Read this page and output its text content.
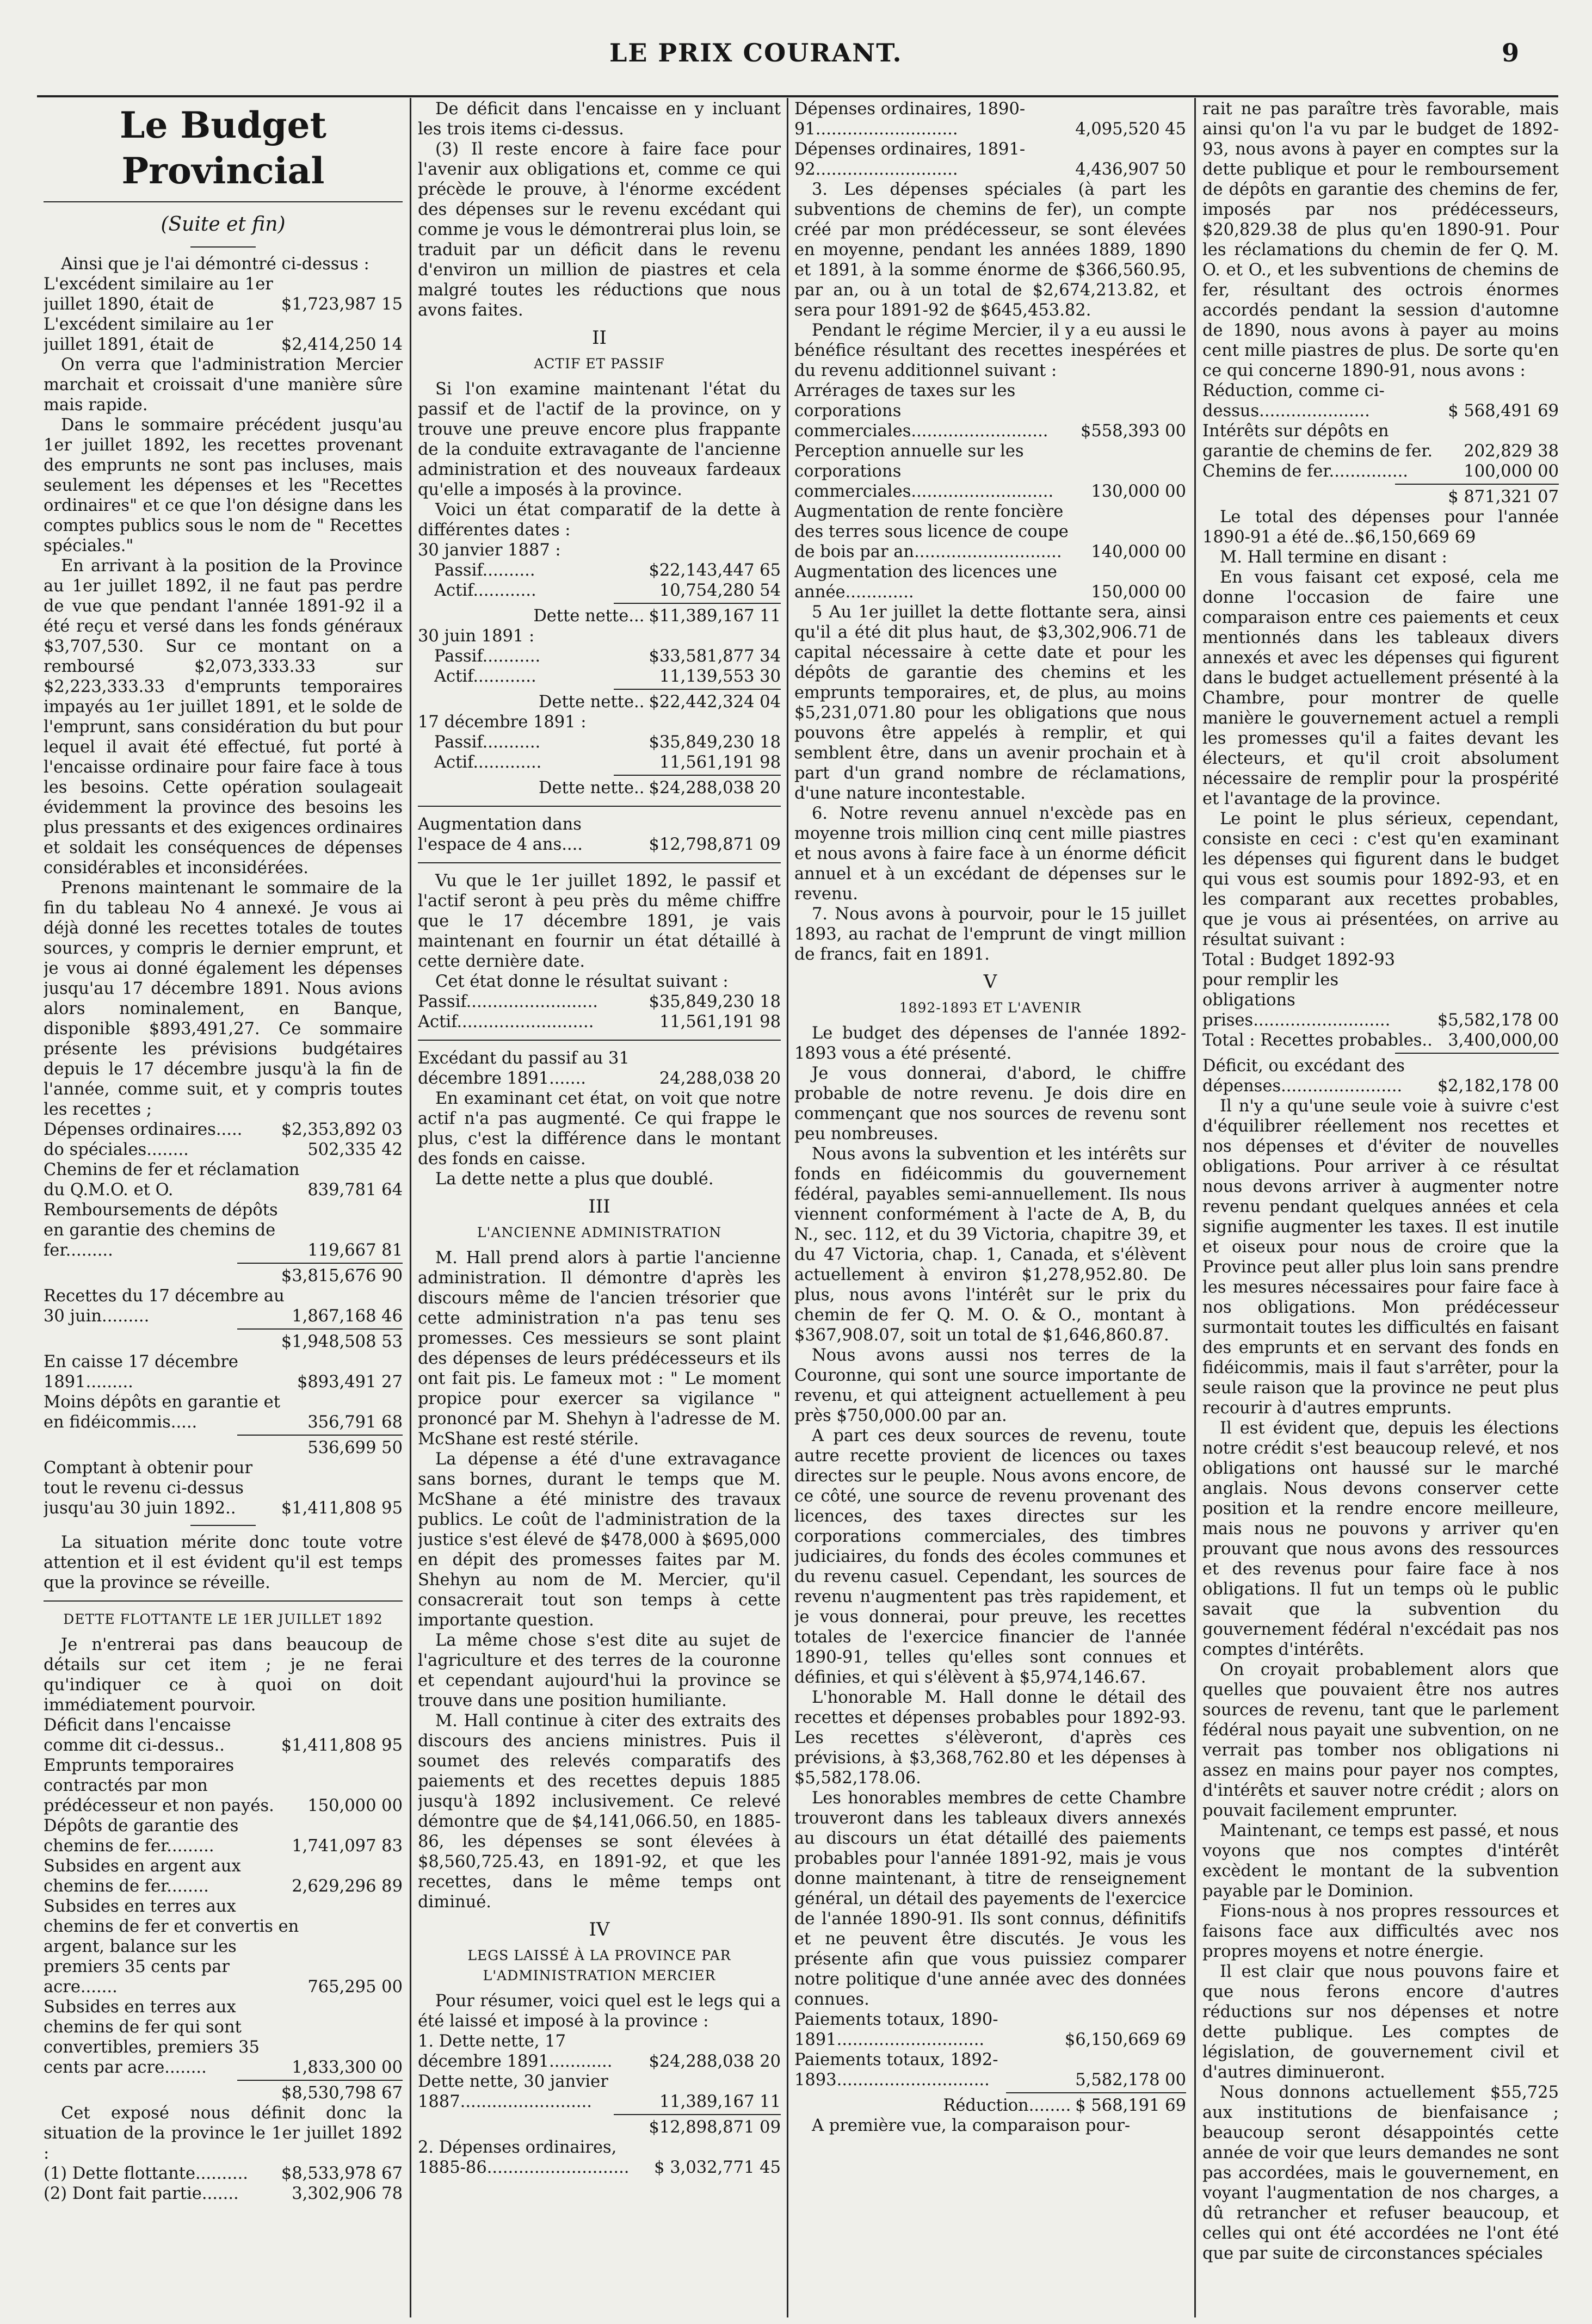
LE PRIX COURANT.	9
Le Budget Provincial
(Suite et fin)

Ainsi que je l'ai démontré ci-dessus :

L'excédent similaire au 1er juillet 1890, était de	$1,723,987 15
L'excédent similaire au 1er juillet 1891, était de	$2,414,250 14

On verra que l'administration Mercier marchait et croissait d'une manière sûre mais rapide.

Dans le sommaire précédent jusqu'au 1er juillet 1892, les recettes provenant des emprunts ne sont pas incluses, mais seulement les dépenses et les "Recettes ordinaires" et ce que l'on désigne dans les comptes publics sous le nom de " Recettes spéciales."

En arrivant à la position de la Province au 1er juillet 1892, il ne faut pas perdre de vue que pendant l'année 1891-92 il a été reçu et versé dans les fonds généraux $3,707,530. Sur ce montant on a remboursé $2,073,333.33 sur $2,223,333.33 d'emprunts temporaires impayés au 1er juillet 1891, et le solde de l'emprunt, sans considération du but pour lequel il avait été effectué, fut porté à l'encaisse ordinaire pour faire face à tous les besoins. Cette opération soulageait évidemment la province des besoins les plus pressants et des exigences ordinaires et soldait les conséquences de dépenses considérables et inconsidérées.

Prenons maintenant le sommaire de la fin du tableau No 4 annexé. Je vous ai déjà donné les recettes totales de toutes sources, y compris le dernier emprunt, et je vous ai donné également les dépenses jusqu'au 17 décembre 1891. Nous avions alors nominalement, en Banque, disponible $893,491,27. Ce sommaire présente les prévisions budgétaires depuis le 17 décembre jusqu'à la fin de l'année, comme suit, et y compris toutes les recettes ;

Dépenses ordinaires.....	$2,353,892 03
do spéciales........	502,335 42
Chemins de fer et réclamation du Q.M.O. et O.	839,781 64
Remboursements de dépôts en garantie des chemins de fer.........	119,667 81
$3,815,676 90
Recettes du 17 décembre au 30 juin.........	1,867,168 46
$1,948,508 53
En caisse 17 décembre 1891.........	$893,491 27
Moins dépôts en garantie et en fidéicommis.....	356,791 68
536,699 50
Comptant à obtenir pour tout le revenu ci-dessus jusqu'au 30 juin 1892..	$1,411,808 95

La situation mérite donc toute votre attention et il est évident qu'il est temps que la province se réveille.

DETTE FLOTTANTE LE 1ER JUILLET 1892

Je n'entrerai pas dans beaucoup de détails sur cet item ; je ne ferai qu'indiquer ce à quoi on doit immédiatement pourvoir.

Déficit dans l'encaisse comme dit ci-dessus..	$1,411,808 95
Emprunts temporaires contractés par mon prédécesseur et non payés.	150,000 00
Dépôts de garantie des chemins de fer.........	1,741,097 83
Subsides en argent aux chemins de fer........	2,629,296 89
Subsides en terres aux chemins de fer et convertis en argent, balance sur les premiers 35 cents par acre.......	765,295 00
Subsides en terres aux chemins de fer qui sont convertibles, premiers 35 cents par acre........	1,833,300 00
$8,530,798 67

Cet exposé nous définit donc la situation de la province le 1er juillet 1892 :

(1) Dette flottante..........	$8,533,978 67
(2) Dont fait partie.......	3,302,906 78

De déficit dans l'encaisse en y incluant les trois items ci-dessus.

(3) Il reste encore à faire face pour l'avenir aux obligations et, comme ce qui précède le prouve, à l'énorme excédent des dépenses sur le revenu excédant qui comme je vous le démontrerai plus loin, se traduit par un déficit dans le revenu d'environ un million de piastres et cela malgré toutes les réductions que nous avons faites.

II
ACTIF ET PASSIF

Si l'on examine maintenant l'état du passif et de l'actif de la province, on y trouve une preuve encore plus frappante de la conduite extravagante de l'ancienne administration et des nouveaux fardeaux qu'elle a imposés à la province.

Voici un état comparatif de la dette à différentes dates :

30 janvier 1887 :

Passif..........	$22,143,447 65
Actif............	10,754,280 54
Dette nette... $11,389,167 11

30 juin 1891 :

Passif...........	$33,581,877 34
Actif............	11,139,553 30
Dette nette.. $22,442,324 04

17 décembre 1891 :

Passif...........	$35,849,230 18
Actif.............	11,561,191 98
Dette nette.. $24,288,038 20
Augmentation dans l'espace de 4 ans....	$12,798,871 09

Vu que le 1er juillet 1892, le passif et l'actif seront à peu près du même chiffre que le 17 décembre 1891, je vais maintenant en fournir un état détaillé à cette dernière date.

Cet état donne le résultat suivant :

Passif.........................	$35,849,230 18
Actif..........................	11,561,191 98
Excédant du passif au 31 décembre 1891.......	24,288,038 20

En examinant cet état, on voit que notre actif n'a pas augmenté. Ce qui frappe le plus, c'est la différence dans le montant des fonds en caisse.

La dette nette a plus que doublé.

III
L'ANCIENNE ADMINISTRATION

M. Hall prend alors à partie l'ancienne administration. Il démontre d'après les discours même de l'ancien trésorier que cette administration n'a pas tenu ses promesses. Ces messieurs se sont plaint des dépenses de leurs prédécesseurs et ils ont fait pis. Le fameux mot : " Le moment propice pour exercer sa vigilance " prononcé par M. Shehyn à l'adresse de M. McShane est resté stérile.

La dépense a été d'une extravagance sans bornes, durant le temps que M. McShane a été ministre des travaux publics. Le coût de l'administration de la justice s'est élevé de $478,000 à $695,000 en dépit des promesses faites par M. Shehyn au nom de M. Mercier, qu'il consacrerait tout son temps à cette importante question.

La même chose s'est dite au sujet de l'agriculture et des terres de la couronne et cependant aujourd'hui la province se trouve dans une position humiliante.

M. Hall continue à citer des extraits des discours des anciens ministres. Puis il soumet des relevés comparatifs des paiements et des recettes depuis 1885 jusqu'à 1892 inclusivement. Ce relevé démontre que de $4,141,066.50, en 1885-86, les dépenses se sont élevées à $8,560,725.43, en 1891-92, et que les recettes, dans le même temps ont diminué.

IV
LEGS LAISSÉ À LA PROVINCE PAR L'ADMINISTRATION MERCIER

Pour résumer, voici quel est le legs qui a été laissé et imposé à la province :

1. Dette nette, 17 décembre 1891............	$24,288,038 20
Dette nette, 30 janvier 1887.........................	11,389,167 11
$12,898,871 09
2. Dépenses ordinaires, 1885-86...........................	$ 3,032,771 45
Dépenses ordinaires, 1890-91...........................	4,095,520 45
Dépenses ordinaires, 1891-92...........................	4,436,907 50

3. Les dépenses spéciales (à part les subventions de chemins de fer), un compte créé par mon prédécesseur, se sont élevées en moyenne, pendant les années 1889, 1890 et 1891, à la somme énorme de $366,560.95, par an, ou à un total de $2,674,213.82, et sera pour 1891-92 de $645,453.82.

Pendant le régime Mercier, il y a eu aussi le bénéfice résultant des recettes inespérées et du revenu additionnel suivant :

Arrérages de taxes sur les corporations commerciales..........................	$558,393 00
Perception annuelle sur les corporations commerciales...........................	130,000 00
Augmentation de rente foncière des terres sous licence de coupe de bois par an............................	140,000 00
Augmentation des licences une année.............	150,000 00

5 Au 1er juillet la dette flottante sera, ainsi qu'il a été dit plus haut, de $3,302,906.71 de capital nécessaire à cette date et pour les dépôts de garantie des chemins et les emprunts temporaires, et, de plus, au moins $5,231,071.80 pour les obligations que nous pouvons être appelés à remplir, et qui semblent être, dans un avenir prochain et à part d'un grand nombre de réclamations, d'une nature incontestable.

6. Notre revenu annuel n'excède pas en moyenne trois million cinq cent mille piastres et nous avons à faire face à un énorme déficit annuel et à un excédant de dépenses sur le revenu.

7. Nous avons à pourvoir, pour le 15 juillet 1893, au rachat de l'emprunt de vingt million de francs, fait en 1891.

V
1892-1893 ET L'AVENIR

Le budget des dépenses de l'année 1892-1893 vous a été présenté.

Je vous donnerai, d'abord, le chiffre probable de notre revenu. Je dois dire en commençant que nos sources de revenu sont peu nombreuses.

Nous avons la subvention et les intérêts sur fonds en fidéicommis du gouvernement fédéral, payables semi-annuellement. Ils nous viennent conformément à l'acte de A, B, du N., sec. 112, et du 39 Victoria, chapitre 39, et du 47 Victoria, chap. 1, Canada, et s'élèvent actuellement à environ $1,278,952.80. De plus, nous avons l'intérêt sur le prix du chemin de fer Q. M. O. & O., montant à $367,908.07, soit un total de $1,646,860.87.

Nous avons aussi nos terres de la Couronne, qui sont une source importante de revenu, et qui atteignent actuellement à peu près $750,000.00 par an.

A part ces deux sources de revenu, toute autre recette provient de licences ou taxes directes sur le peuple. Nous avons encore, de ce côté, une source de revenu provenant des licences, des taxes directes sur les corporations commerciales, des timbres judiciaires, du fonds des écoles communes et du revenu casuel. Cependant, les sources de revenu n'augmentent pas très rapidement, et je vous donnerai, pour preuve, les recettes totales de l'exercice financier de l'année 1890-91, telles qu'elles sont connues et définies, et qui s'élèvent à $5,974,146.67.

L'honorable M. Hall donne le détail des recettes et dépenses probables pour 1892-93. Les recettes s'élèveront, d'après ces prévisions, à $3,368,762.80 et les dépenses à $5,582,178.06.

Les honorables membres de cette Chambre trouveront dans les tableaux divers annexés au discours un état détaillé des paiements probables pour l'année 1891-92, mais je vous donne maintenant, à titre de renseignement général, un détail des payements de l'exercice de l'année 1890-91. Ils sont connus, définitifs et ne peuvent être discutés. Je vous les présente afin que vous puissiez comparer notre politique d'une année avec des données connues.

Paiements totaux, 1890-1891............................	$6,150,669 69
Paiements totaux, 1892-1893.............................	5,582,178 00
Réduction........ $ 568,191 69

A première vue, la comparaison pour-

rait ne pas paraître très favorable, mais ainsi qu'on l'a vu par le budget de 1892-93, nous avons à payer en comptes sur la dette publique et pour le remboursement de dépôts en garantie des chemins de fer, imposés par nos prédécesseurs, $20,829.38 de plus qu'en 1890-91. Pour les réclamations du chemin de fer Q. M. O. et O., et les subventions de chemins de fer, résultant des octrois énormes accordés pendant la session d'automne de 1890, nous avons à payer au moins cent mille piastres de plus. De sorte qu'en ce qui concerne 1890-91, nous avons :

Réduction, comme ci-dessus.....................	$ 568,491 69
Intérêts sur dépôts en garantie de chemins de fer.	202,829 38
Chemins de fer...............	100,000 00
$ 871,321 07

Le total des dépenses pour l'année 1890-91 a été de..$6,150,669 69

M. Hall termine en disant :

En vous faisant cet exposé, cela me donne l'occasion de faire une comparaison entre ces paiements et ceux mentionnés dans les tableaux divers annexés et avec les dépenses qui figurent dans le budget actuellement présenté à la Chambre, pour montrer de quelle manière le gouvernement actuel a rempli les promesses qu'il a faites devant les électeurs, et qu'il croit absolument nécessaire de remplir pour la prospérité et l'avantage de la province.

Le point le plus sérieux, cependant, consiste en ceci : c'est qu'en examinant les dépenses qui figurent dans le budget qui vous est soumis pour 1892-93, et en les comparant aux recettes probables, que je vous ai présentées, on arrive au résultat suivant :

Total : Budget 1892-93 pour remplir les obligations prises..........................	$5,582,178 00
Total : Recettes probables.. 3,400,000,00
Déficit, ou excédant des dépenses.......................	$2,182,178 00

Il n'y a qu'une seule voie à suivre c'est d'équilibrer réellement nos recettes et nos dépenses et d'éviter de nouvelles obligations. Pour arriver à ce résultat nous devons arriver à augmenter notre revenu pendant quelques années et cela signifie augmenter les taxes. Il est inutile et oiseux pour nous de croire que la Province peut aller plus loin sans prendre les mesures nécessaires pour faire face à nos obligations. Mon prédécesseur surmontait toutes les difficultés en faisant des emprunts et en servant des fonds en fidéicommis, mais il faut s'arrêter, pour la seule raison que la province ne peut plus recourir à d'autres emprunts.

Il est évident que, depuis les élections notre crédit s'est beaucoup relevé, et nos obligations ont haussé sur le marché anglais. Nous devons conserver cette position et la rendre encore meilleure, mais nous ne pouvons y arriver qu'en prouvant que nous avons des ressources et des revenus pour faire face à nos obligations. Il fut un temps où le public savait que la subvention du gouvernement fédéral n'excédait pas nos comptes d'intérêts.

On croyait probablement alors que quelles que pouvaient être nos autres sources de revenu, tant que le parlement fédéral nous payait une subvention, on ne verrait pas tomber nos obligations ni assez en mains pour payer nos comptes, d'intérêts et sauver notre crédit ; alors on pouvait facilement emprunter.

Maintenant, ce temps est passé, et nous voyons que nos comptes d'intérêt excèdent le montant de la subvention payable par le Dominion.

Fions-nous à nos propres ressources et faisons face aux difficultés avec nos propres moyens et notre énergie.

Il est clair que nous pouvons faire et que nous ferons encore d'autres réductions sur nos dépenses et notre dette publique. Les comptes de législation, de gouvernement civil et d'autres diminueront.

Nous donnons actuellement $55,725 aux institutions de bienfaisance ; beaucoup seront désappointés cette année de voir que leurs demandes ne sont pas accordées, mais le gouvernement, en voyant l'augmentation de nos charges, a dû retrancher et refuser beaucoup, et celles qui ont été accordées ne l'ont été que par suite de circonstances spéciales
